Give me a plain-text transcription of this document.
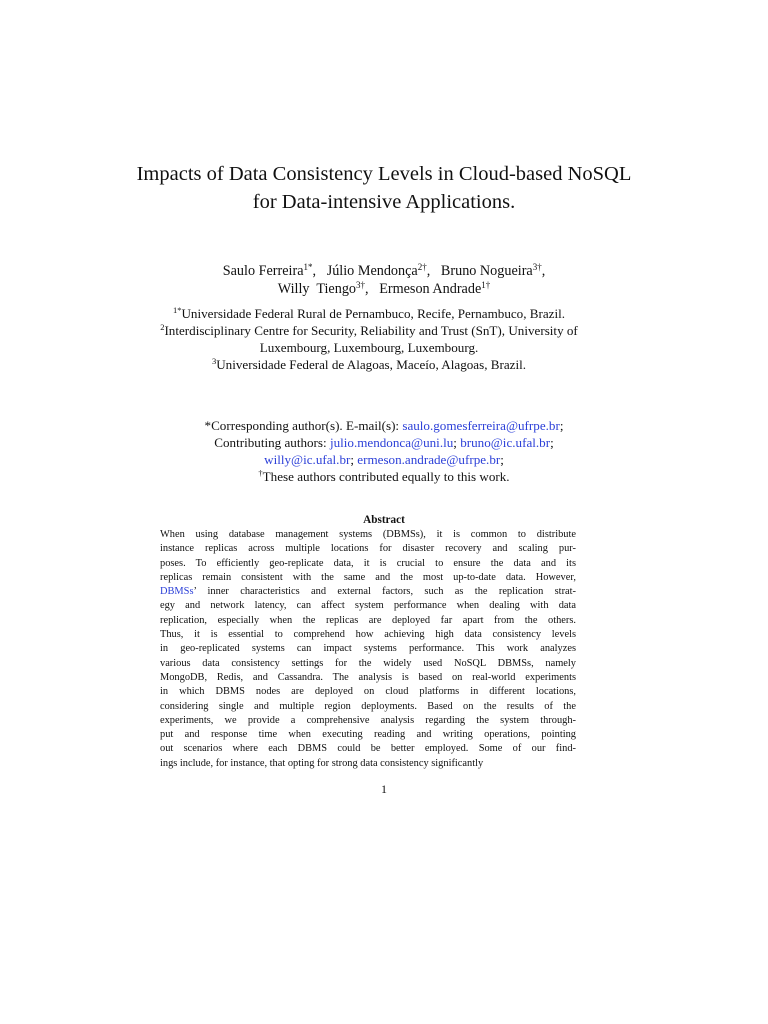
Impacts of Data Consistency Levels in Cloud-based NoSQL for Data-intensive Applications.
Saulo Ferreira$^{1*}$, Júlio Mendonça$^{2\dagger}$, Bruno Nogueira$^{3\dagger}$,
Willy  Tiengo$^{3\dagger}$, Ermeson Andrade$^{1\dagger}$
$^{1*}$Universidade Federal Rural de Pernambuco, Recife, Pernambuco, Brazil.
$^2$Interdisciplinary Centre for Security, Reliability and Trust (SnT), University of Luxembourg, Luxembourg, Luxembourg.
$^3$Universidade Federal de Alagoas, Maceío, Alagoas, Brazil.
*Corresponding author(s). E-mail(s): saulo.gomesferreira@ufrpe.br;
Contributing authors: julio.mendonca@uni.lu; bruno@ic.ufal.br;
willy@ic.ufal.br; ermeson.andrade@ufrpe.br;
†These authors contributed equally to this work.
Abstract
When using database management systems (DBMSs), it is common to distribute
instance replicas across multiple locations for disaster recovery and scaling pur-
poses. To efficiently geo-replicate data, it is crucial to ensure the data and its
replicas remain consistent with the same and the most up-to-date data. However,
DBMSs’ inner characteristics and external factors, such as the replication strat-
egy and network latency, can affect system performance when dealing with data
replication, especially when the replicas are deployed far apart from the others.
Thus, it is essential to comprehend how achieving high data consistency levels
in geo-replicated systems can impact systems performance. This work analyzes
various data consistency settings for the widely used NoSQL DBMSs, namely
MongoDB, Redis, and Cassandra. The analysis is based on real-world experiments
in which DBMS nodes are deployed on cloud platforms in different locations,
considering single and multiple region deployments. Based on the results of the
experiments, we provide a comprehensive analysis regarding the system through-
put and response time when executing reading and writing operations, pointing
out scenarios where each DBMS could be better employed. Some of our find-
ings include, for instance, that opting for strong data consistency significantly
1
